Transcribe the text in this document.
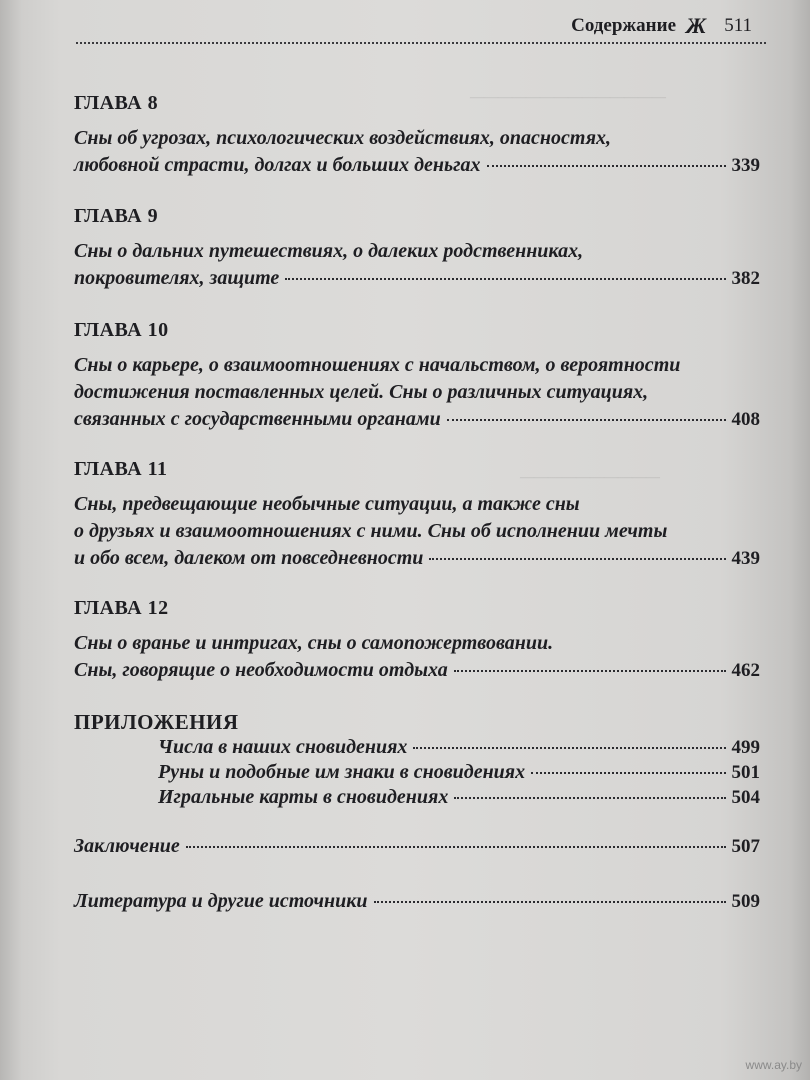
——————————————
——————————
Содержание Ж 511
ГЛАВА 8
Сны об угрозах, психологических воздействиях, опасностях,
любовной страсти, долгах и больших деньгах	339
ГЛАВА 9
Сны о дальних путешествиях, о далеких родственниках,
покровителях, защите	382
ГЛАВА 10
Сны о карьере, о взаимоотношениях с начальством, о вероятности
достижения поставленных целей. Сны о различных ситуациях,
связанных с государственными органами	408
ГЛАВА 11
Сны, предвещающие необычные ситуации, а также сны
о друзьях и взаимоотношениях с ними. Сны об исполнении мечты
и обо всем, далеком от повседневности	439
ГЛАВА 12
Сны о вранье и интригах, сны о самопожертвовании.
Сны, говорящие о необходимости отдыха	462
ПРИЛОЖЕНИЯ
Числа в наших сновидениях	499
Руны и подобные им знаки в сновидениях	501
Игральные карты в сновидениях	504
Заключение	507
Литература и другие источники	509
www.ay.by
